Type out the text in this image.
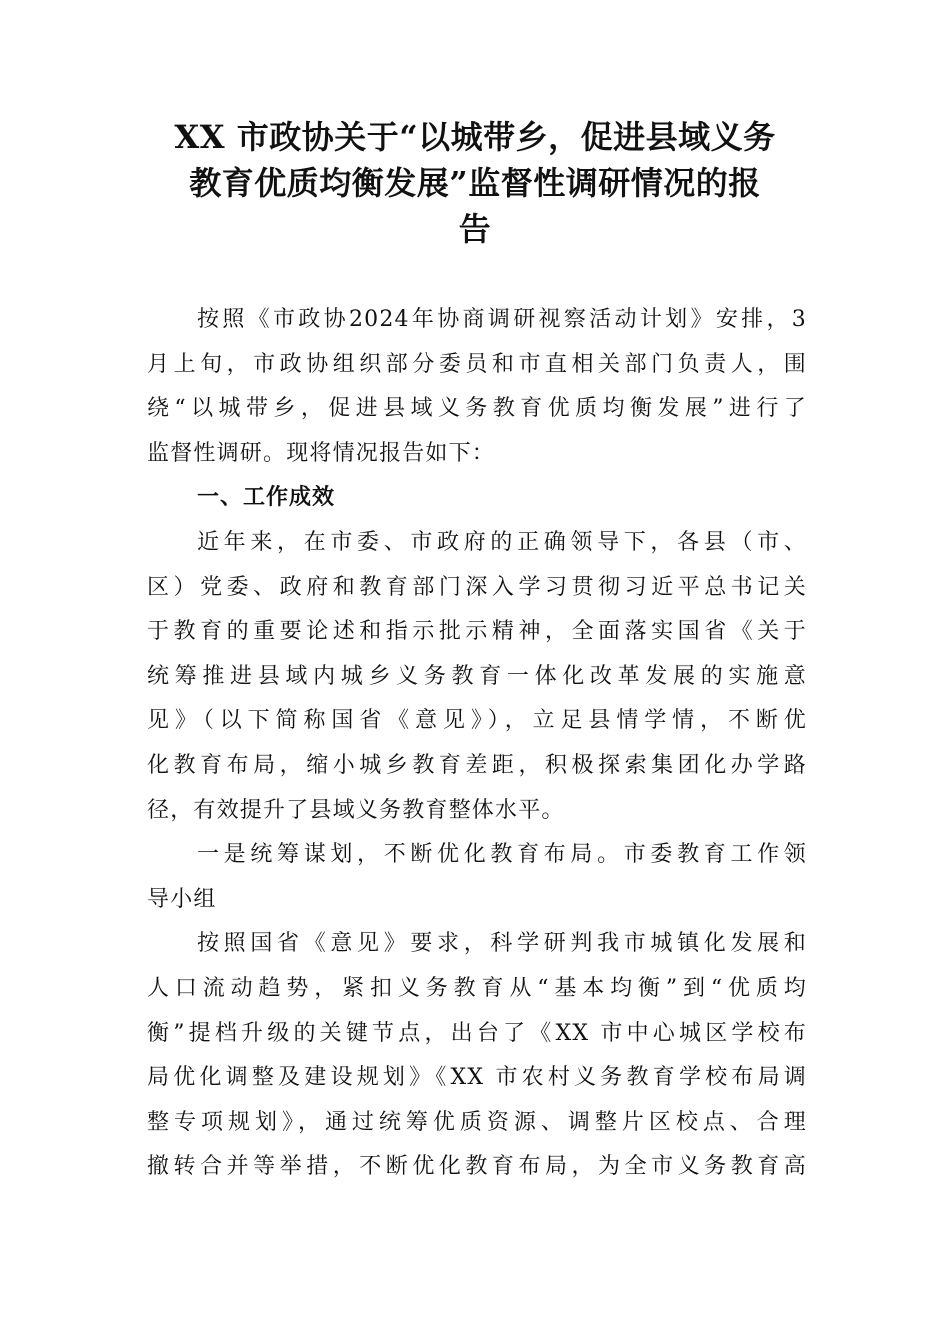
XX 市政协关于“以城带乡，促进县域义务
教育优质均衡发展”监督性调研情况的报
告

按照《市政协2024年协商调研视察活动计划》安排，3
月上旬，市政协组织部分委员和市直相关部门负责人，围
绕“以城带乡，促进县域义务教育优质均衡发展”进行了
监督性调研。现将情况报告如下：

一、工作成效

近年来，在市委、市政府的正确领导下，各县（市、
区）党委、政府和教育部门深入学习贯彻习近平总书记关
于教育的重要论述和指示批示精神，全面落实国省《关于
统筹推进县域内城乡义务教育一体化改革发展的实施意
见》（以下简称国省《意见》），立足县情学情，不断优
化教育布局，缩小城乡教育差距，积极探索集团化办学路
径，有效提升了县域义务教育整体水平。

一是统筹谋划，不断优化教育布局。市委教育工作领
导小组

按照国省《意见》要求，科学研判我市城镇化发展和
人口流动趋势，紧扣义务教育从“基本均衡”到“优质均
衡”提档升级的关键节点，出台了《XX 市中心城区学校布
局优化调整及建设规划》《XX 市农村义务教育学校布局调
整专项规划》，通过统筹优质资源、调整片区校点、合理
撤转合并等举措，不断优化教育布局，为全市义务教育高
